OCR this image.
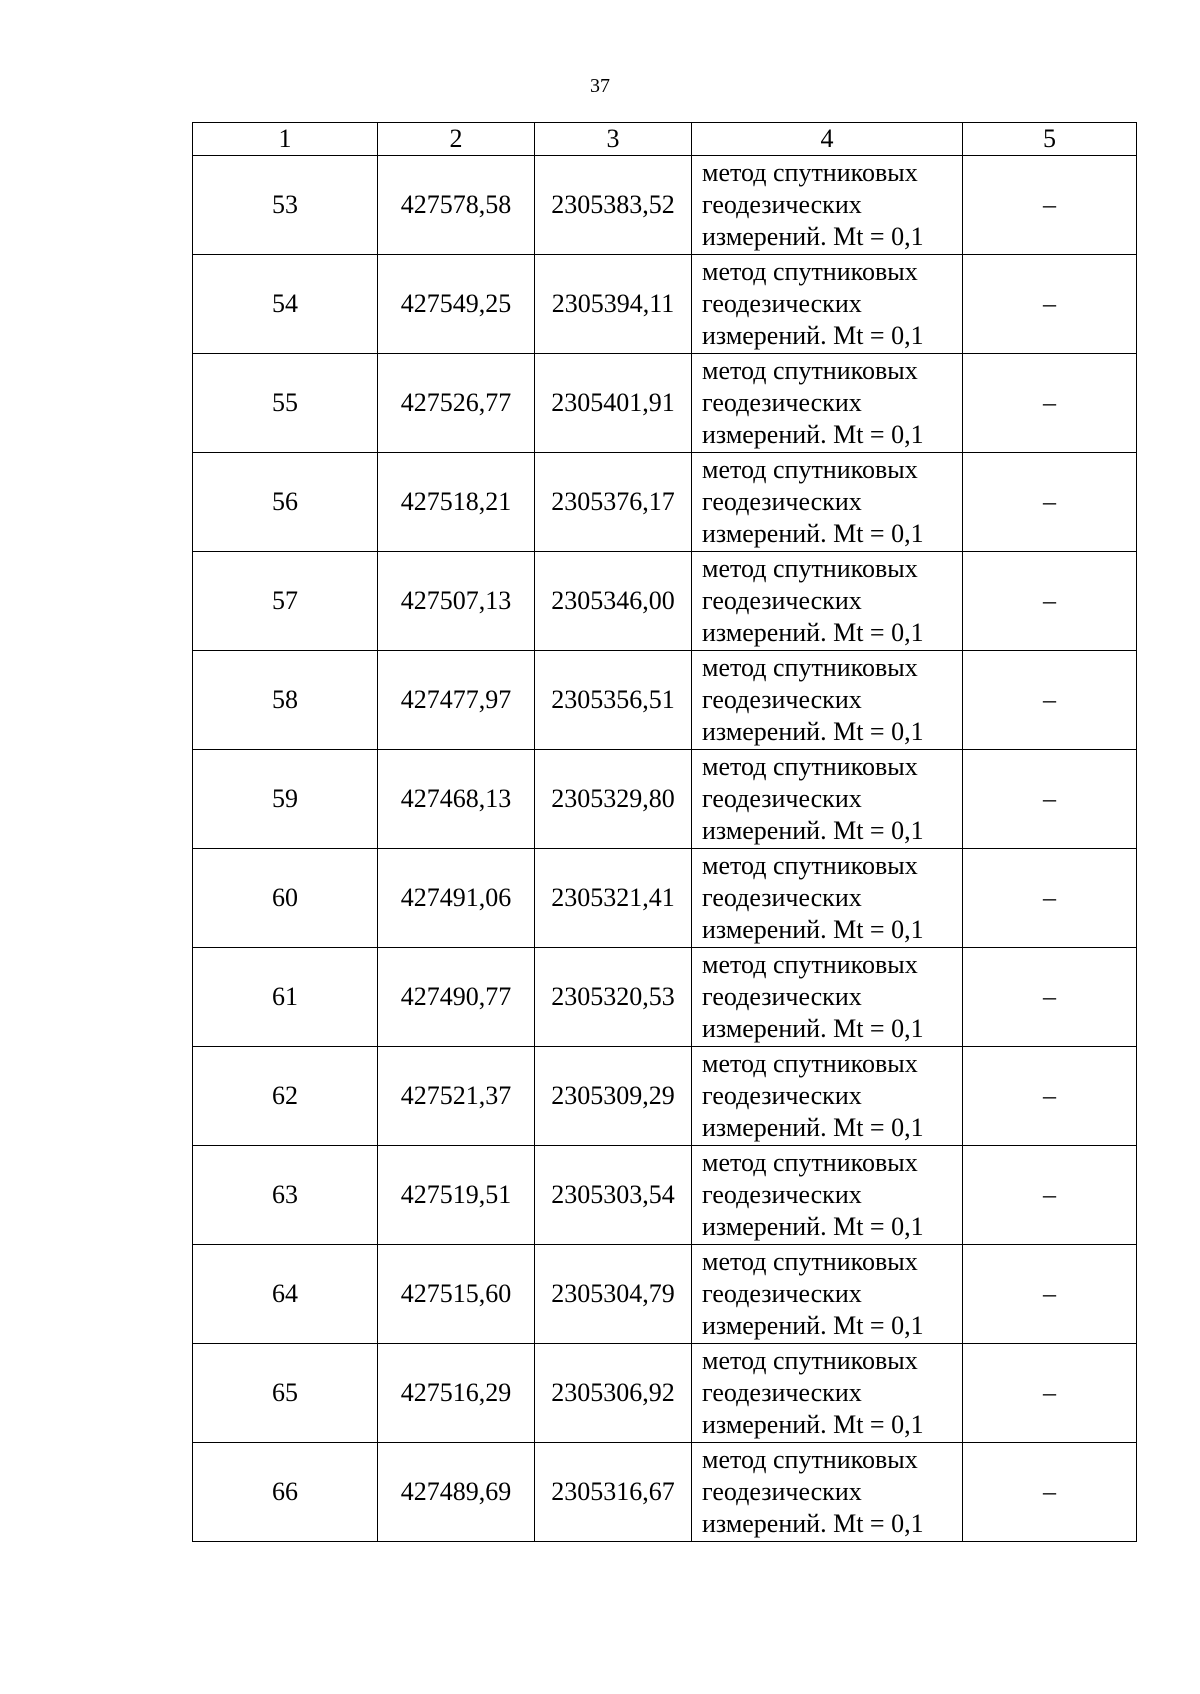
37
1	2	3	4	5
53	427578,58	2305383,52	метод спутниковых
геодезических
измерений. Mt = 0,1	–
54	427549,25	2305394,11	метод спутниковых
геодезических
измерений. Mt = 0,1	–
55	427526,77	2305401,91	метод спутниковых
геодезических
измерений. Mt = 0,1	–
56	427518,21	2305376,17	метод спутниковых
геодезических
измерений. Mt = 0,1	–
57	427507,13	2305346,00	метод спутниковых
геодезических
измерений. Mt = 0,1	–
58	427477,97	2305356,51	метод спутниковых
геодезических
измерений. Mt = 0,1	–
59	427468,13	2305329,80	метод спутниковых
геодезических
измерений. Mt = 0,1	–
60	427491,06	2305321,41	метод спутниковых
геодезических
измерений. Mt = 0,1	–
61	427490,77	2305320,53	метод спутниковых
геодезических
измерений. Mt = 0,1	–
62	427521,37	2305309,29	метод спутниковых
геодезических
измерений. Mt = 0,1	–
63	427519,51	2305303,54	метод спутниковых
геодезических
измерений. Mt = 0,1	–
64	427515,60	2305304,79	метод спутниковых
геодезических
измерений. Mt = 0,1	–
65	427516,29	2305306,92	метод спутниковых
геодезических
измерений. Mt = 0,1	–
66	427489,69	2305316,67	метод спутниковых
геодезических
измерений. Mt = 0,1	–
